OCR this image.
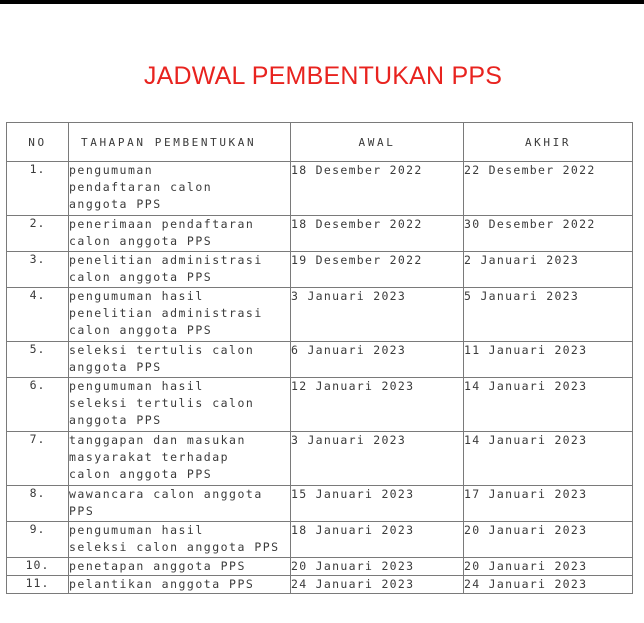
JADWAL PEMBENTUKAN PPS
NO	TAHAPAN PEMBENTUKAN	AWAL	AKHIR
1.	pengumuman
pendaftaran calon
anggota PPS	18 Desember 2022	22 Desember 2022
2.	penerimaan pendaftaran
calon anggota PPS	18 Desember 2022	30 Desember 2022
3.	penelitian administrasi
calon anggota PPS	19 Desember 2022	2 Januari 2023
4.	pengumuman hasil
penelitian administrasi
calon anggota PPS	3 Januari 2023	5 Januari 2023
5.	seleksi tertulis calon
anggota PPS	6 Januari 2023	11 Januari 2023
6.	pengumuman hasil
seleksi tertulis calon
anggota PPS	12 Januari 2023	14 Januari 2023
7.	tanggapan dan masukan
masyarakat terhadap
calon anggota PPS	3 Januari 2023	14 Januari 2023
8.	wawancara calon anggota
PPS	15 Januari 2023	17 Januari 2023
9.	pengumuman hasil
seleksi calon anggota PPS	18 Januari 2023	20 Januari 2023
10.	penetapan anggota PPS	20 Januari 2023	20 Januari 2023
11.	pelantikan anggota PPS	24 Januari 2023	24 Januari 2023
